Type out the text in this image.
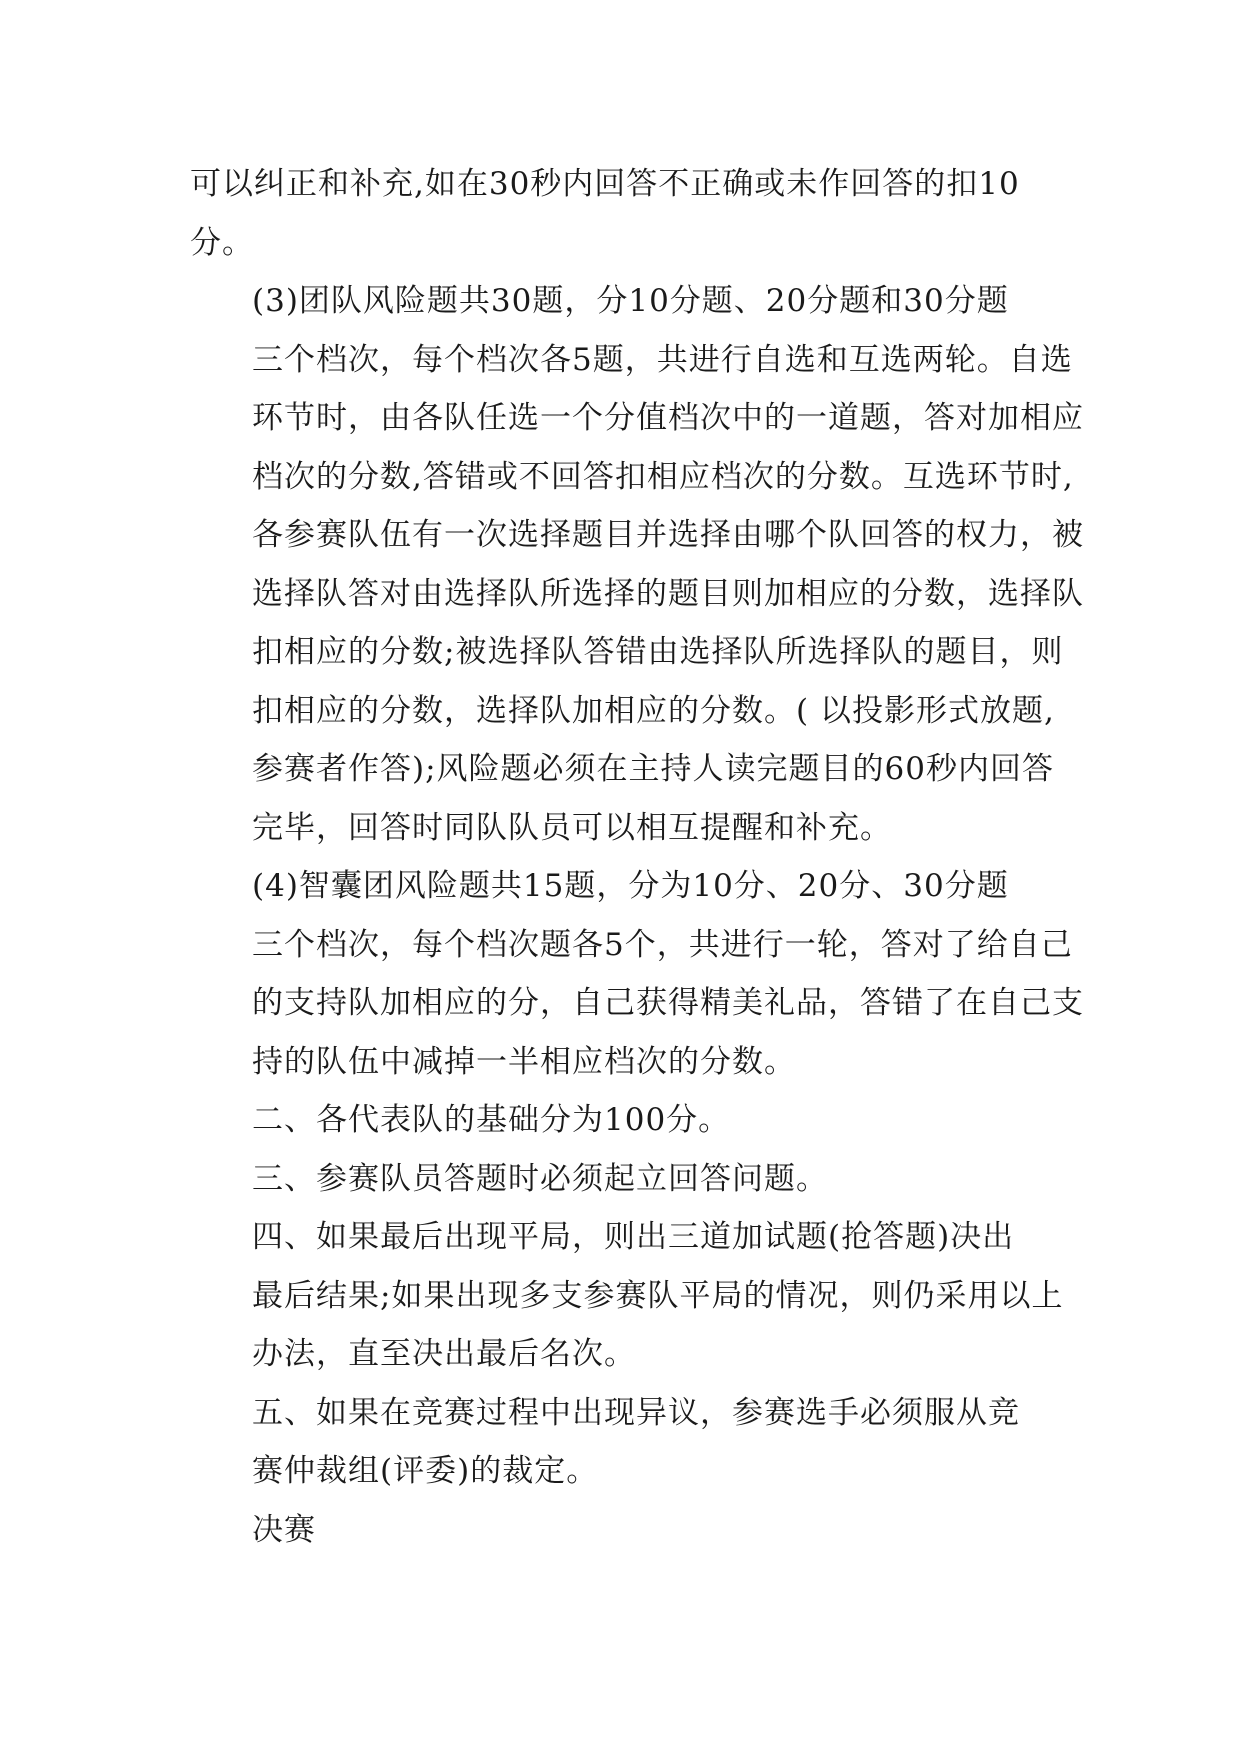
可以纠正和补充,如在30秒内回答不正确或未作回答的扣10
分。

(3)团队风险题共30题，分10分题、20分题和30分题
三个档次，每个档次各5题，共进行自选和互选两轮。自选
环节时，由各队任选一个分值档次中的一道题，答对加相应
档次的分数,答错或不回答扣相应档次的分数。互选环节时,
各参赛队伍有一次选择题目并选择由哪个队回答的权力，被
选择队答对由选择队所选择的题目则加相应的分数，选择队
扣相应的分数;被选择队答错由选择队所选择队的题目，则
扣相应的分数，选择队加相应的分数。( 以投影形式放题,
参赛者作答);风险题必须在主持人读完题目的60秒内回答
完毕，回答时同队队员可以相互提醒和补充。

(4)智囊团风险题共15题，分为10分、20分、30分题
三个档次，每个档次题各5个，共进行一轮，答对了给自己
的支持队加相应的分，自己获得精美礼品，答错了在自己支
持的队伍中减掉一半相应档次的分数。

二、各代表队的基础分为100分。

三、参赛队员答题时必须起立回答问题。

四、如果最后出现平局，则出三道加试题(抢答题)决出
最后结果;如果出现多支参赛队平局的情况，则仍采用以上
办法，直至决出最后名次。

五、如果在竞赛过程中出现异议，参赛选手必须服从竞
赛仲裁组(评委)的裁定。

决赛
